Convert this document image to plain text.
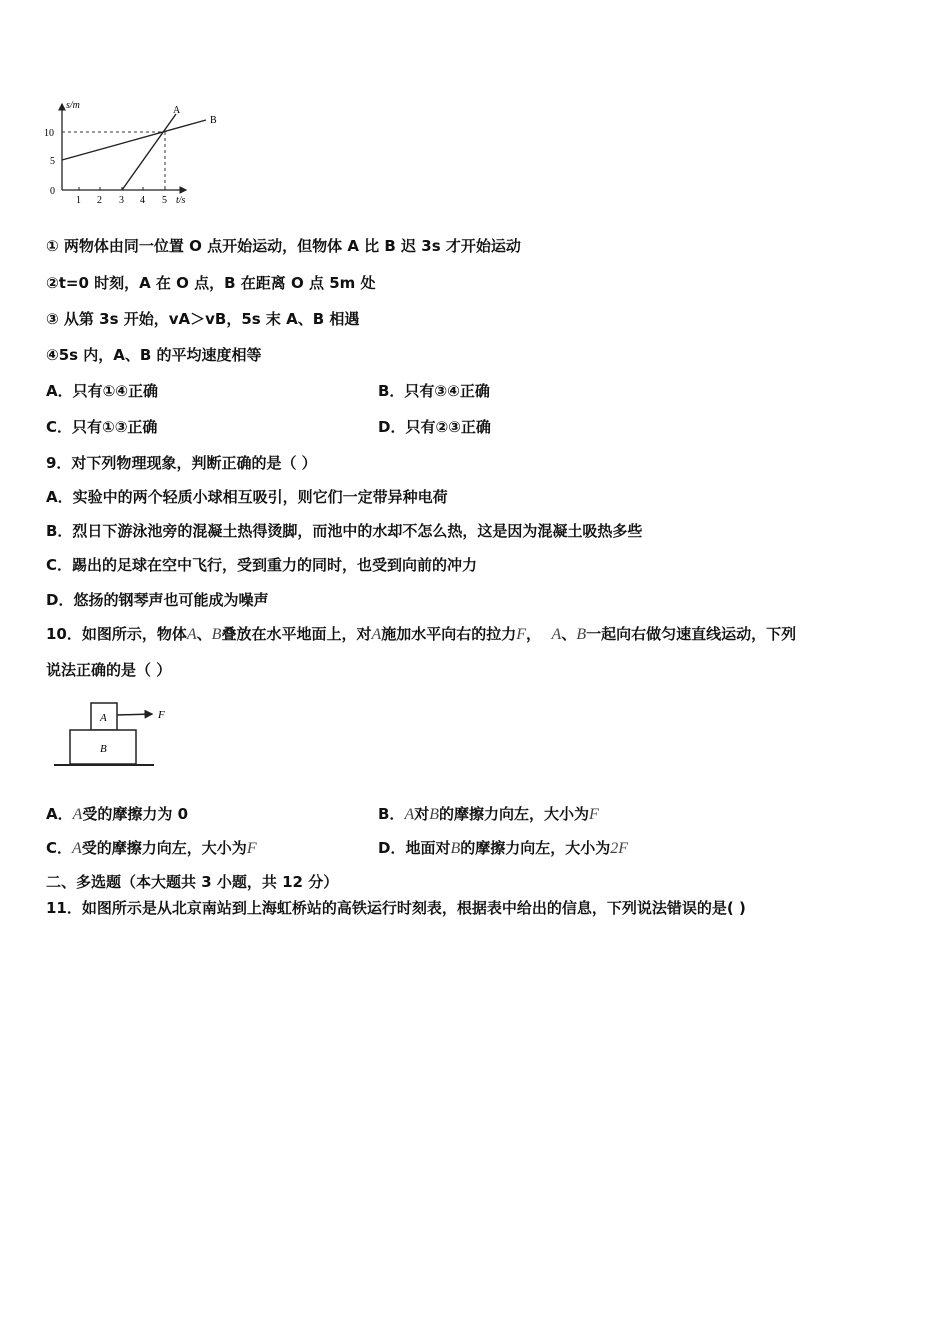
s/m
t/s
0
5
10
1 2 3 4 5
A
B
① 两物体由同一位置 O 点开始运动，但物体 A 比 B 迟 3s 才开始运动
②t=0 时刻，A 在 O 点，B 在距离 O 点 5m 处
③ 从第 3s 开始，vA＞vB，5s 末 A、B 相遇
④5s 内，A、B 的平均速度相等
A．只有①④正确	B．只有③④正确
C．只有①③正确	D．只有②③正确
9．对下列物理现象，判断正确的是（ ）
A．实验中的两个轻质小球相互吸引，则它们一定带异种电荷
B．烈日下游泳池旁的混凝土热得烫脚，而池中的水却不怎么热，这是因为混凝土吸热多些
C．踢出的足球在空中飞行，受到重力的同时，也受到向前的冲力
D．悠扬的钢琴声也可能成为噪声
10．如图所示，物体A、B叠放在水平地面上，对A施加水平向右的拉力F， A、B一起向右做匀速直线运动，下列
说法正确的是（ ）
A
B
F
A．A受的摩擦力为 0	B．A对B的摩擦力向左，大小为F
C．A受的摩擦力向左，大小为F	D．地面对B的摩擦力向左，大小为2F
二、多选题（本大题共 3 小题，共 12 分）
11．如图所示是从北京南站到上海虹桥站的高铁运行时刻表，根据表中给出的信息，下列说法错误的是( )
